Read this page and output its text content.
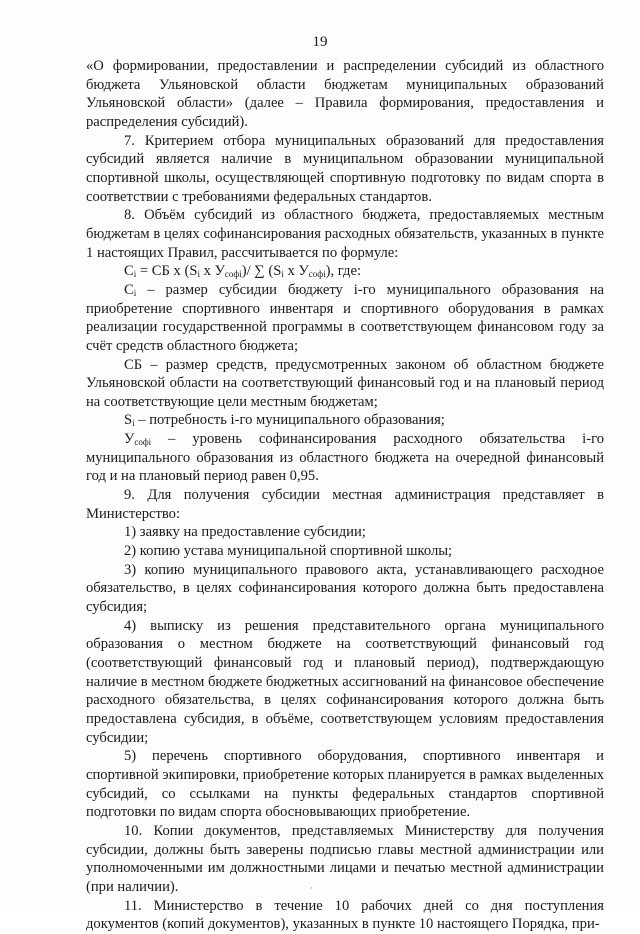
19

«О формировании, предоставлении и распределении субсидий из областного бюджета Ульяновской области бюджетам муниципальных образований Ульяновской области» (далее – Правила формирования, предоставления и распределения субсидий).

7. Критерием отбора муниципальных образований для предоставления субсидий является наличие в муниципальном образовании муниципальной спортивной школы, осуществляющей спортивную подготовку по видам спорта в соответствии с требованиями федеральных стандартов.

8. Объём субсидий из областного бюджета, предоставляемых местным бюджетам в целях софинансирования расходных обязательств, указанных в пункте 1 настоящих Правил, рассчитывается по формуле:

$C_i$ = СБ x ($S_i$ x $У_{софi})/$ ∑ ($S_i$ x $У_{софi}$), где:

$C_i$ – размер субсидии бюджету i-го муниципального образования на приобретение спортивного инвентаря и спортивного оборудования в рамках реализации государственной программы в соответствующем финансовом году за счёт средств областного бюджета;

СБ – размер средств, предусмотренных законом об областном бюджете Ульяновской области на соответствующий финансовый год и на плановый период на соответствующие цели местным бюджетам;

$S_i$ – потребность i-го муниципального образования;

$У_{софi}$ – уровень софинансирования расходного обязательства i-го муниципального образования из областного бюджета на очередной финансовый год и на плановый период равен 0,95.

9. Для получения субсидии местная администрация представляет в Министерство:

1) заявку на предоставление субсидии;

2) копию устава муниципальной спортивной школы;

3) копию муниципального правового акта, устанавливающего расходное обязательство, в целях софинансирования которого должна быть предоставлена субсидия;

4) выписку из решения представительного органа муниципального образования о местном бюджете на соответствующий финансовый год (соответствующий финансовый год и плановый период), подтверждающую наличие в местном бюджете бюджетных ассигнований на финансовое обеспечение расходного обязательства, в целях софинансирования которого должна быть предоставлена субсидия, в объёме, соответствующем условиям предоставления субсидии;

5) перечень спортивного оборудования, спортивного инвентаря и спортивной экипировки, приобретение которых планируется в рамках выделенных субсидий, со ссылками на пункты федеральных стандартов спортивной подготовки по видам спорта обосновывающих приобретение.

10. Копии документов, представляемых Министерству для получения субсидии, должны быть заверены подписью главы местной администрации или уполномоченными им должностными лицами и печатью местной администрации (при наличии).

11. Министерство в течение 10 рабочих дней со дня поступления документов (копий документов), указанных в пункте 10 настоящего Порядка, при-

·
